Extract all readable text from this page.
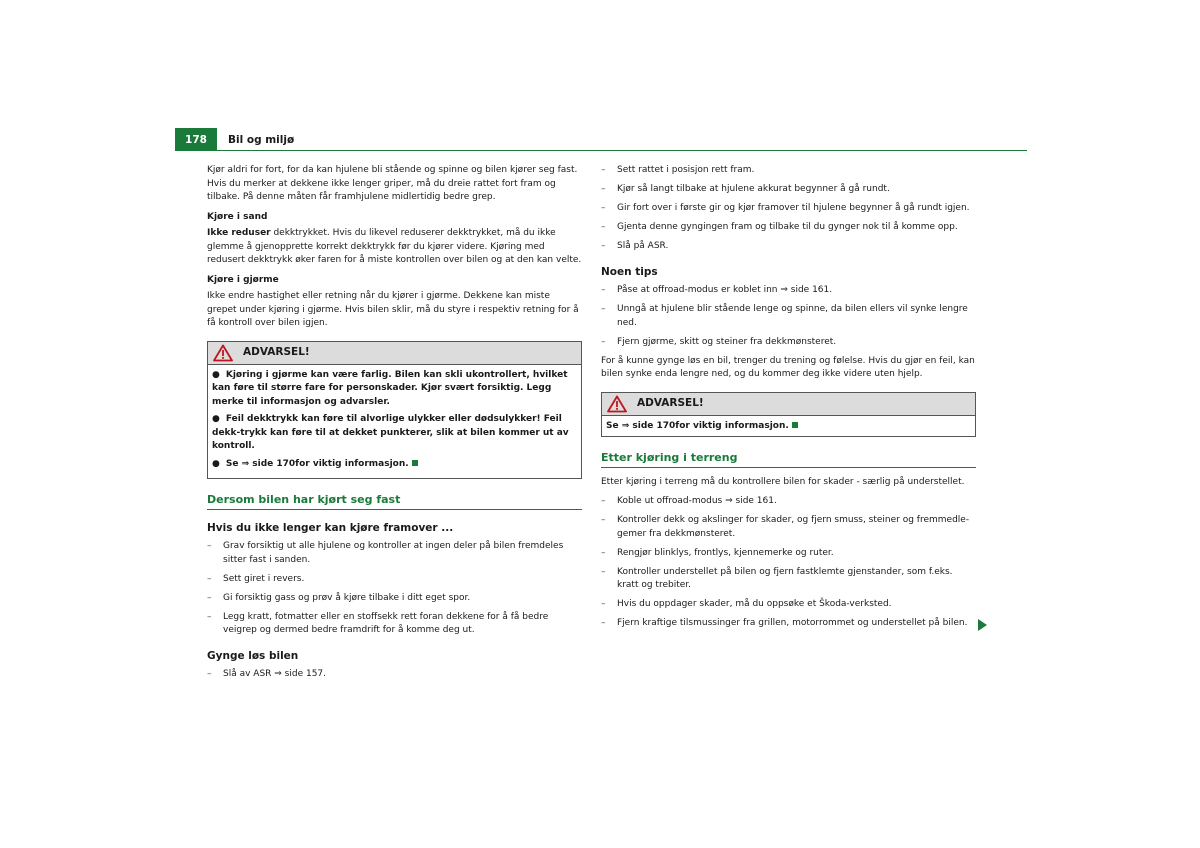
178	Bil og miljø

Kjør aldri for fort, for da kan hjulene bli stående og spinne og bilen kjører seg fast. Hvis du merker at dekkene ikke lenger griper, må du dreie rattet fort fram og tilbake. På denne måten får framhjulene midlertidig bedre grep.

Kjøre i sand

Ikke reduser dekktrykket. Hvis du likevel reduserer dekktrykket, må du ikke glemme å gjenopprette korrekt dekktrykk før du kjører videre. Kjøring med redusert dekktrykk øker faren for å miste kontrollen over bilen og at den kan velte.

Kjøre i gjørme

Ikke endre hastighet eller retning når du kjører i gjørme. Dekkene kan miste grepet under kjøring i gjørme. Hvis bilen sklir, må du styre i respektiv retning for å få kontroll over bilen igjen.

ADVARSEL!
● Kjøring i gjørme kan være farlig. Bilen kan skli ukontrollert, hvilket kan føre til større fare for personskader. Kjør svært forsiktig. Legg merke til informasjon og advarsler.
● Feil dekktrykk kan føre til alvorlige ulykker eller dødsulykker! Feil dekk-trykk kan føre til at dekket punkterer, slik at bilen kommer ut av kontroll.
● Se ⇒ side 170for viktig informasjon.
Dersom bilen har kjørt seg fast
Hvis du ikke lenger kan kjøre framover ...
– Grav forsiktig ut alle hjulene og kontroller at ingen deler på bilen fremdeles sitter fast i sanden.
– Sett giret i revers.
– Gi forsiktig gass og prøv å kjøre tilbake i ditt eget spor.
– Legg kratt, fotmatter eller en stoffsekk rett foran dekkene for å få bedre veigrep og dermed bedre framdrift for å komme deg ut.
Gynge løs bilen
– Slå av ASR ⇒ side 157.
– Sett rattet i posisjon rett fram.
– Kjør så langt tilbake at hjulene akkurat begynner å gå rundt.
– Gir fort over i første gir og kjør framover til hjulene begynner å gå rundt igjen.
– Gjenta denne gyngingen fram og tilbake til du gynger nok til å komme opp.
– Slå på ASR.
Noen tips
– Påse at offroad-modus er koblet inn ⇒ side 161.
– Unngå at hjulene blir stående lenge og spinne, da bilen ellers vil synke lengre ned.
– Fjern gjørme, skitt og steiner fra dekkmønsteret.

For å kunne gynge løs en bil, trenger du trening og følelse. Hvis du gjør en feil, kan bilen synke enda lengre ned, og du kommer deg ikke videre uten hjelp.

ADVARSEL!
Se ⇒ side 170for viktig informasjon.
Etter kjøring i terreng

Etter kjøring i terreng må du kontrollere bilen for skader - særlig på understellet.

– Koble ut offroad-modus ⇒ side 161.
– Kontroller dekk og akslinger for skader, og fjern smuss, steiner og fremmedle-gemer fra dekkmønsteret.
– Rengjør blinklys, frontlys, kjennemerke og ruter.
– Kontroller understellet på bilen og fjern fastklemte gjenstander, som f.eks. kratt og trebiter.
– Hvis du oppdager skader, må du oppsøke et Škoda-verksted.
– Fjern kraftige tilsmussinger fra grillen, motorrommet og understellet på bilen.
